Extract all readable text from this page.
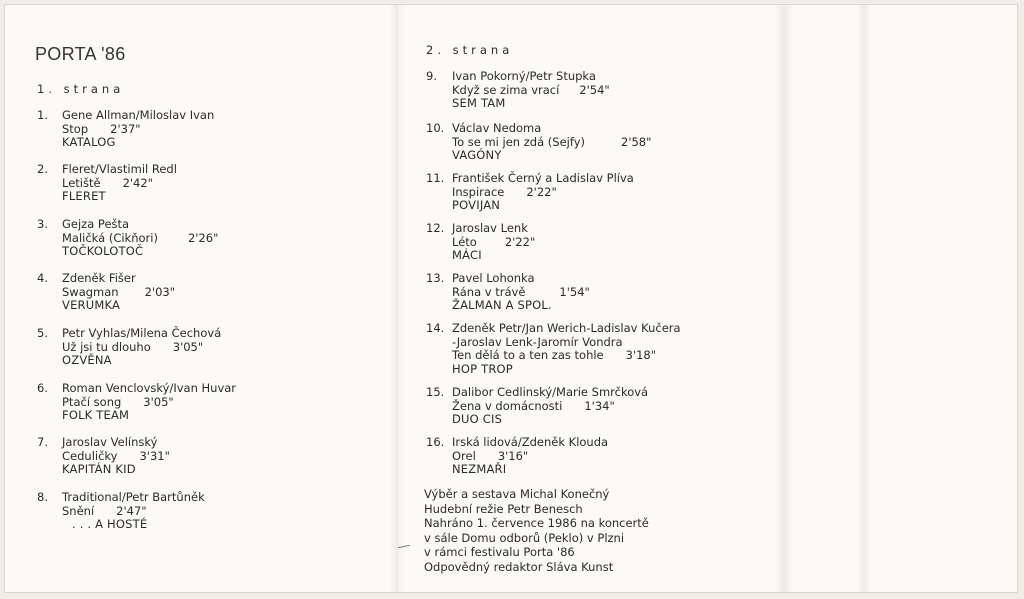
PORTA '86
1. strana
2. strana
1.	Gene Allman/Miloslav Ivan
Stop 2'37"
KATALOG
2.	Fleret/Vlastimil Redl
Letiště 2'42"
FLERET
3.	Gejza Pešta
Maličká (Cikňori)	2'26"
TOČKOLOTOČ
4.	Zdeněk Fišer
Swagman 2'03"
VERUMKA
5.	Petr Vyhlas/Milena Čechová
Už jsi tu dlouho 3'05"
OZVĚNA
6.	Roman Venclovský/Ivan Huvar
Ptačí song 3'05"
FOLK TEAM
7.	Jaroslav Velínský
Ceduličky 3'31"
KAPITÁN KID
8.	Traditional/Petr Bartůněk
Snění 2'47"
. . . A HOSTÉ
9.	Ivan Pokorný/Petr Stupka
Když se zima vrací 2'54"
SEM TAM
10. Václav Nedoma
To se mi jen zdá (Sejfy)	2'58"
VAGÓNY
11. František Černý a Ladislav Plíva
Inspirace 2'22"
POVIJAN
12. Jaroslav Lenk
Léto 2'22"
MÁCI
13. Pavel Lohonka
Rána v trávě	1'54"
ŽALMAN A SPOL.
14. Zdeněk Petr/Jan Werich-Ladislav Kučera
-Jaroslav Lenk-Jaromír Vondra
Ten dělá to a ten zas tohle 3'18"
HOP TROP
15. Dalibor Cedlinský/Marie Smrčková
Žena v domácnosti 1'34"
DUO CIS
16. Irská lidová/Zdeněk Klouda
Orel 3'16"
NEZMAŘI
Výběr a sestava Michal Konečný
Hudební režie Petr Benesch
Nahráno 1. července 1986 na koncertě
v sále Domu odborů (Peklo) v Plzni
v rámci festivalu Porta '86
Odpovědný redaktor Sláva Kunst
